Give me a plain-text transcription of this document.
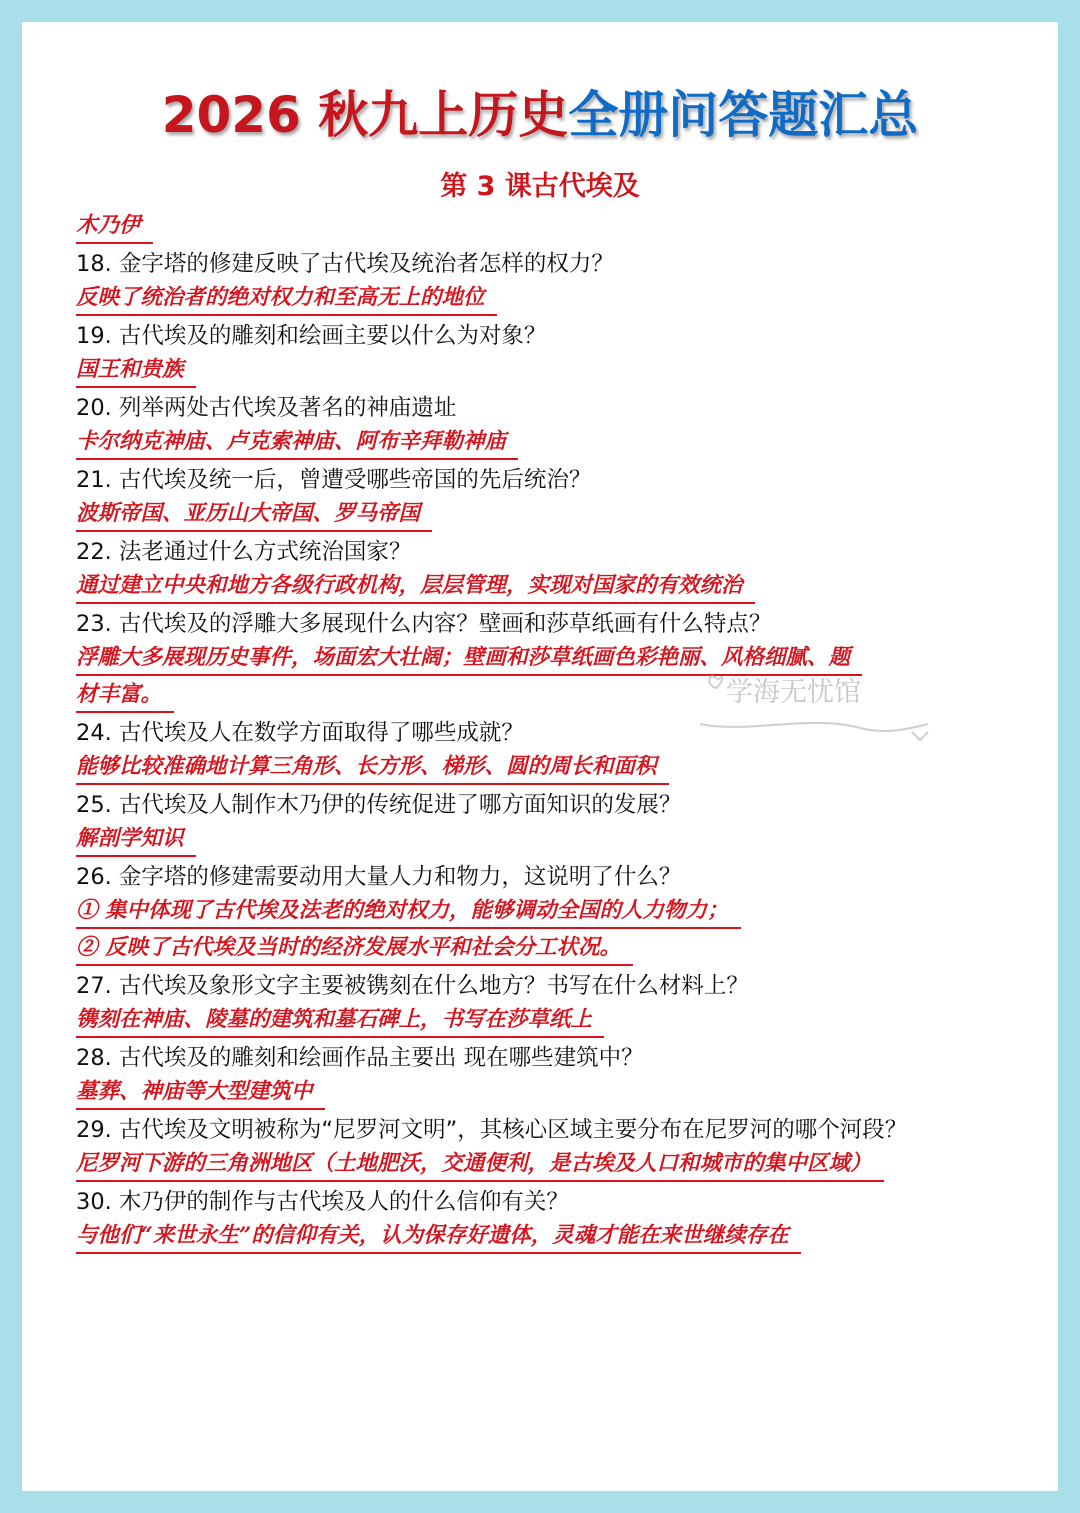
2026 秋九上历史全册问答题汇总
第 3 课古代埃及
木乃伊
18. 金字塔的修建反映了古代埃及统治者怎样的权力？
反映了统治者的绝对权力和至高无上的地位
19. 古代埃及的雕刻和绘画主要以什么为对象？
国王和贵族
20. 列举两处古代埃及著名的神庙遗址
卡尔纳克神庙、卢克索神庙、阿布辛拜勒神庙
21. 古代埃及统一后，曾遭受哪些帝国的先后统治？
波斯帝国、亚历山大帝国、罗马帝国
22. 法老通过什么方式统治国家？
通过建立中央和地方各级行政机构，层层管理，实现对国家的有效统治
23. 古代埃及的浮雕大多展现什么内容？壁画和莎草纸画有什么特点？
浮雕大多展现历史事件，场面宏大壮阔；壁画和莎草纸画色彩艳丽、风格细腻、题
材丰富。
24. 古代埃及人在数学方面取得了哪些成就？
能够比较准确地计算三角形、长方形、梯形、圆的周长和面积
25. 古代埃及人制作木乃伊的传统促进了哪方面知识的发展？
解剖学知识
26. 金字塔的修建需要动用大量人力和物力，这说明了什么？
① 集中体现了古代埃及法老的绝对权力，能够调动全国的人力物力；
② 反映了古代埃及当时的经济发展水平和社会分工状况。
27. 古代埃及象形文字主要被镌刻在什么地方？书写在什么材料上？
镌刻在神庙、陵墓的建筑和墓石碑上，书写在莎草纸上
28. 古代埃及的雕刻和绘画作品主要出 现在哪些建筑中？
墓葬、神庙等大型建筑中
29. 古代埃及文明被称为“尼罗河文明”，其核心区域主要分布在尼罗河的哪个河段？
尼罗河下游的三角洲地区（土地肥沃，交通便利，是古埃及人口和城市的集中区域）
30. 木乃伊的制作与古代埃及人的什么信仰有关？
与他们“来世永生”的信仰有关，认为保存好遗体，灵魂才能在来世继续存在
学海无忧馆
